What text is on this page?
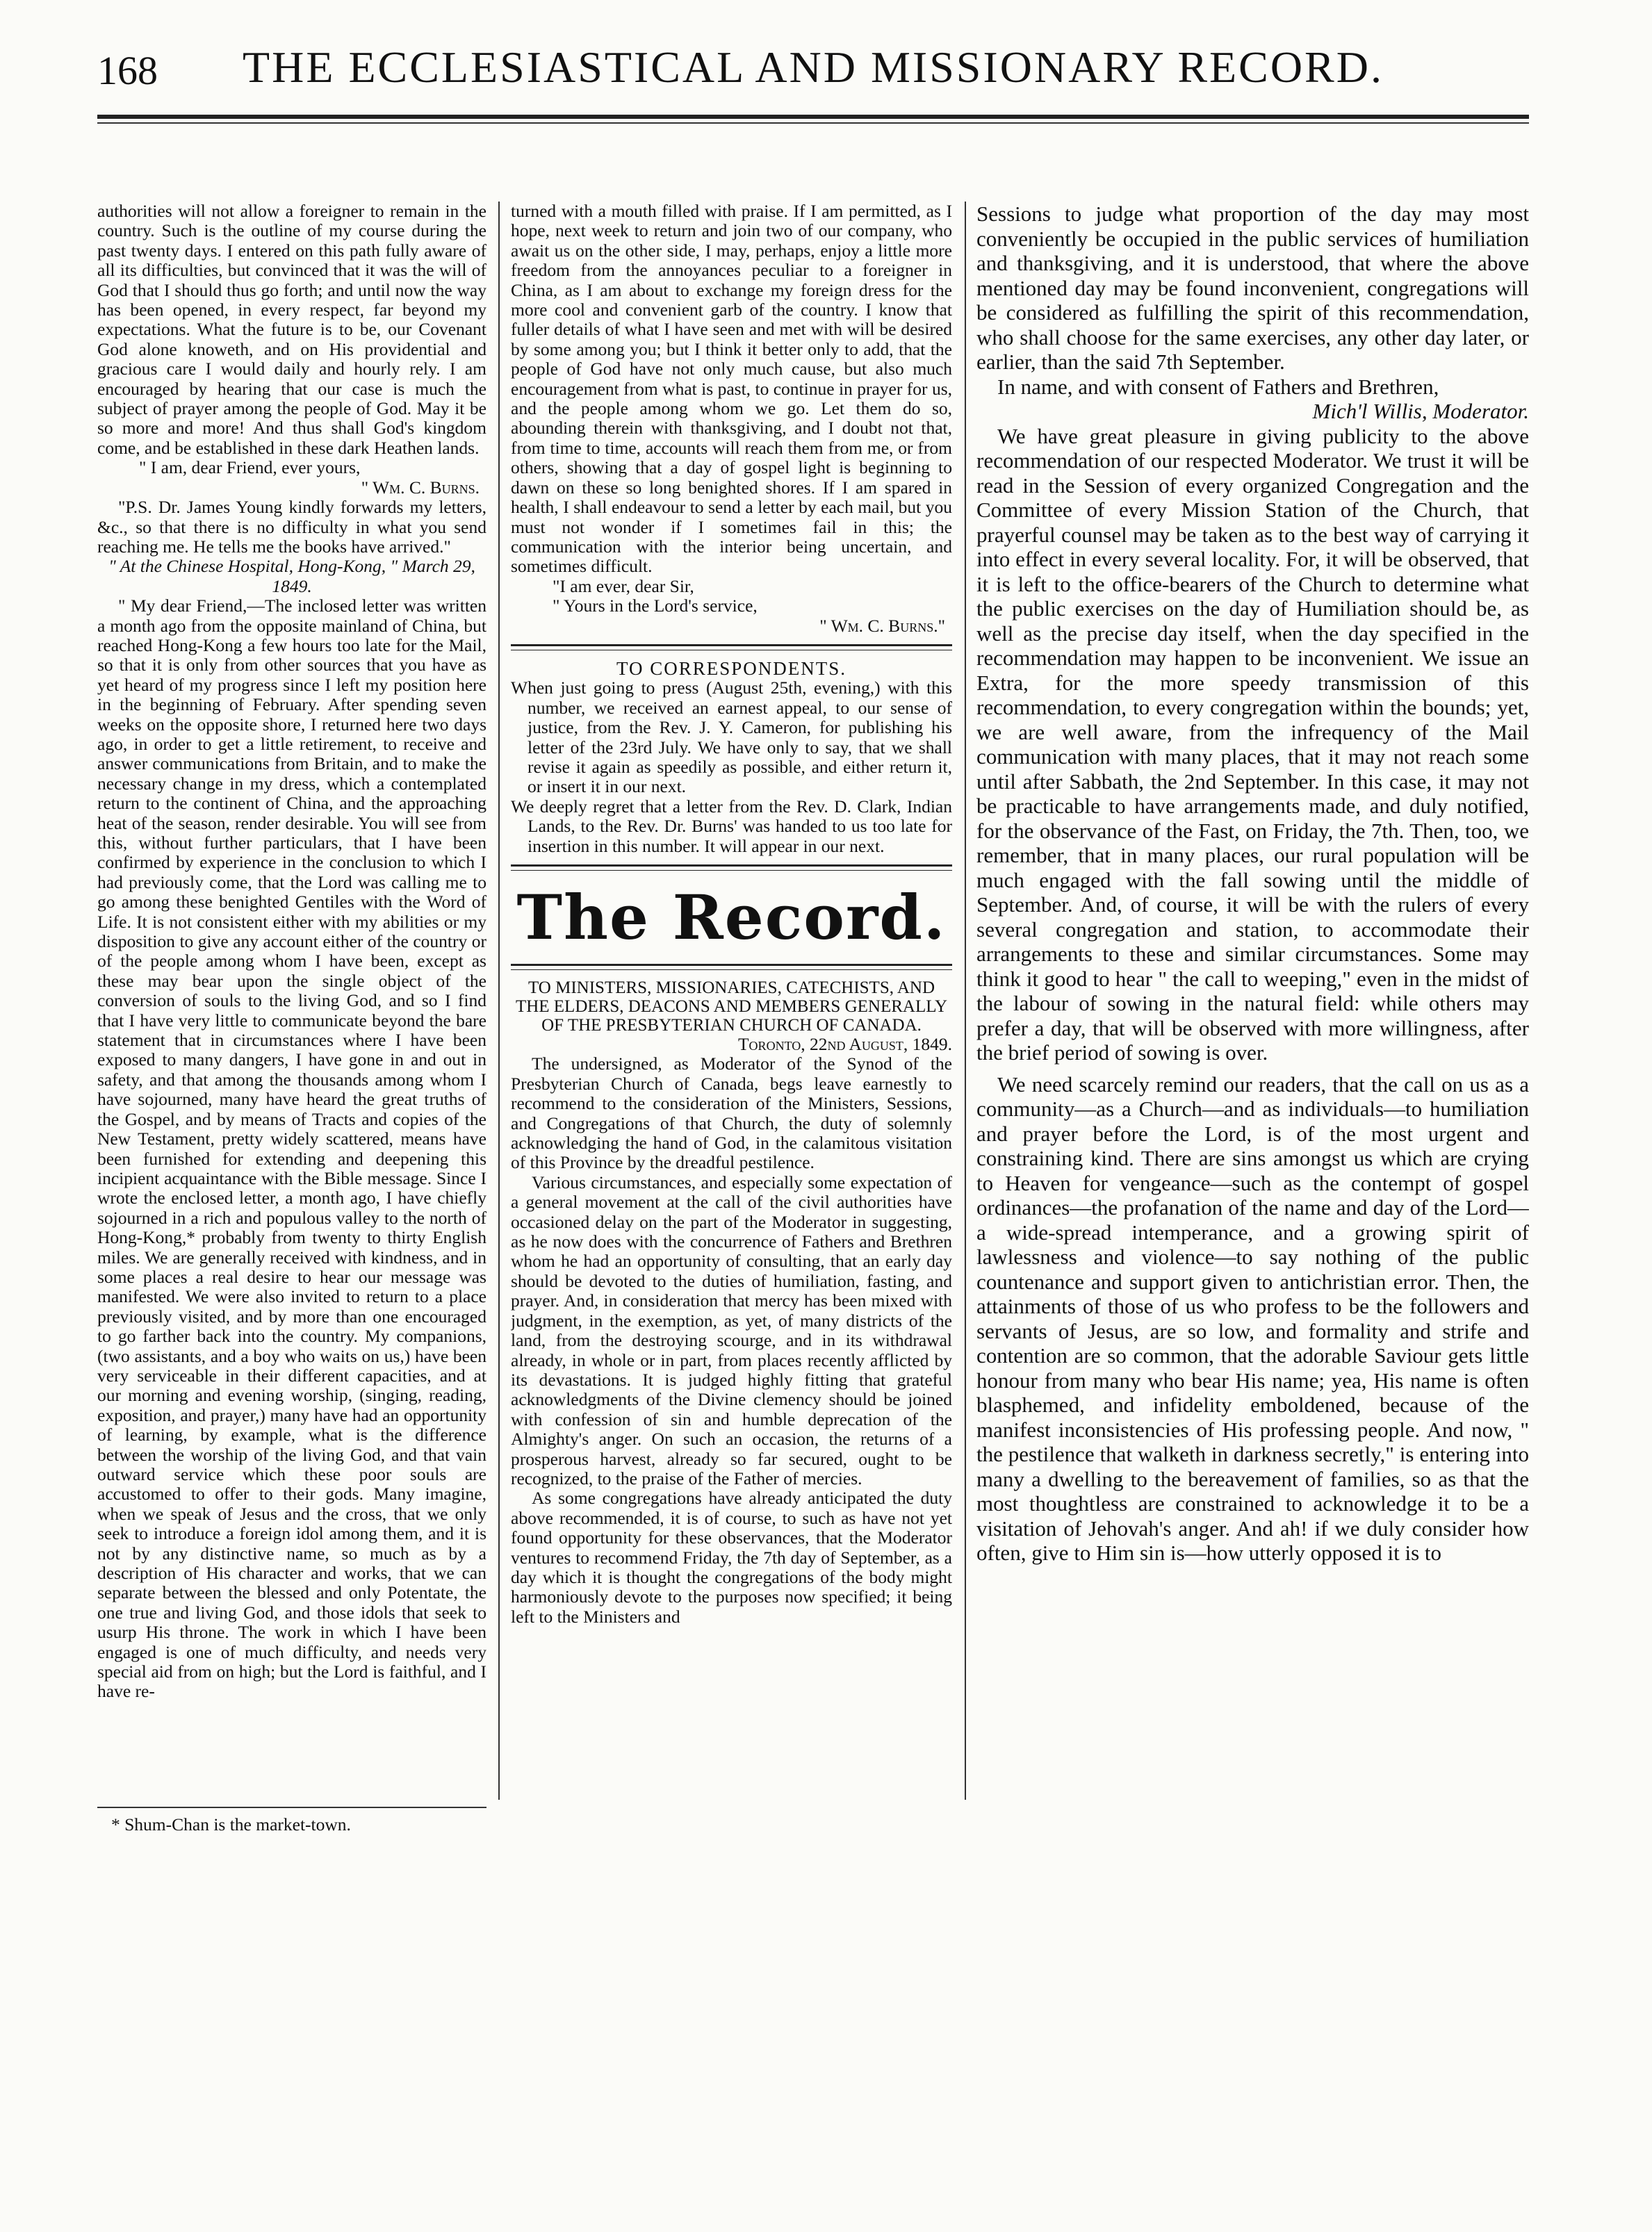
168	THE ECCLESIASTICAL AND MISSIONARY RECORD.

authorities will not allow a foreigner to remain in the country. Such is the outline of my course during the past twenty days. I entered on this path fully aware of all its difficulties, but convinced that it was the will of God that I should thus go forth; and until now the way has been opened, in every respect, far beyond my expectations. What the future is to be, our Covenant God alone knoweth, and on His providential and gracious care I would daily and hourly rely. I am encouraged by hearing that our case is much the subject of prayer among the people of God. May it be so more and more! And thus shall God's kingdom come, and be established in these dark Heathen lands.

" I am, dear Friend, ever yours,

" Wm. C. Burns.

"P.S. Dr. James Young kindly forwards my letters, &c., so that there is no difficulty in what you send reaching me. He tells me the books have arrived."

" At the Chinese Hospital, Hong-Kong, " March 29, 1849.

" My dear Friend,—The inclosed letter was written a month ago from the opposite mainland of China, but reached Hong-Kong a few hours too late for the Mail, so that it is only from other sources that you have as yet heard of my progress since I left my position here in the beginning of February. After spending seven weeks on the opposite shore, I returned here two days ago, in order to get a little retirement, to receive and answer communications from Britain, and to make the necessary change in my dress, which a contemplated return to the continent of China, and the approaching heat of the season, render desirable. You will see from this, without further particulars, that I have been confirmed by experience in the conclusion to which I had previously come, that the Lord was calling me to go among these benighted Gentiles with the Word of Life. It is not consistent either with my abilities or my disposition to give any account either of the country or of the people among whom I have been, except as these may bear upon the single object of the conversion of souls to the living God, and so I find that I have very little to communicate beyond the bare statement that in circumstances where I have been exposed to many dangers, I have gone in and out in safety, and that among the thousands among whom I have sojourned, many have heard the great truths of the Gospel, and by means of Tracts and copies of the New Testament, pretty widely scattered, means have been furnished for extending and deepening this incipient acquaintance with the Bible message. Since I wrote the enclosed letter, a month ago, I have chiefly sojourned in a rich and populous valley to the north of Hong-Kong,* probably from twenty to thirty English miles. We are generally received with kindness, and in some places a real desire to hear our message was manifested. We were also invited to return to a place previously visited, and by more than one encouraged to go farther back into the country. My companions, (two assistants, and a boy who waits on us,) have been very serviceable in their different capacities, and at our morning and evening worship, (singing, reading, exposition, and prayer,) many have had an opportunity of learning, by example, what is the difference between the worship of the living God, and that vain outward service which these poor souls are accustomed to offer to their gods. Many imagine, when we speak of Jesus and the cross, that we only seek to introduce a foreign idol among them, and it is not by any distinctive name, so much as by a description of His character and works, that we can separate between the blessed and only Potentate, the one true and living God, and those idols that seek to usurp His throne. The work in which I have been engaged is one of much difficulty, and needs very special aid from on high; but the Lord is faithful, and I have re-

* Shum-Chan is the market-town.

turned with a mouth filled with praise. If I am permitted, as I hope, next week to return and join two of our company, who await us on the other side, I may, perhaps, enjoy a little more freedom from the annoyances peculiar to a foreigner in China, as I am about to exchange my foreign dress for the more cool and convenient garb of the country. I know that fuller details of what I have seen and met with will be desired by some among you; but I think it better only to add, that the people of God have not only much cause, but also much encouragement from what is past, to continue in prayer for us, and the people among whom we go. Let them do so, abounding therein with thanksgiving, and I doubt not that, from time to time, accounts will reach them from me, or from others, showing that a day of gospel light is beginning to dawn on these so long benighted shores. If I am spared in health, I shall endeavour to send a letter by each mail, but you must not wonder if I sometimes fail in this; the communication with the interior being uncertain, and sometimes difficult.

"I am ever, dear Sir,

" Yours in the Lord's service,

" Wm. C. Burns."

TO CORRESPONDENTS.

When just going to press (August 25th, evening,) with this number, we received an earnest appeal, to our sense of justice, from the Rev. J. Y. Cameron, for publishing his letter of the 23rd July. We have only to say, that we shall revise it again as speedily as possible, and either return it, or insert it in our next.

We deeply regret that a letter from the Rev. D. Clark, Indian Lands, to the Rev. Dr. Burns' was handed to us too late for insertion in this number. It will appear in our next.

The Record.

TO MINISTERS, MISSIONARIES, CATECHISTS, AND THE ELDERS, DEACONS AND MEMBERS GENERALLY OF THE PRESBYTERIAN CHURCH OF CANADA.

Toronto, 22nd August, 1849.

The undersigned, as Moderator of the Synod of the Presbyterian Church of Canada, begs leave earnestly to recommend to the consideration of the Ministers, Sessions, and Congregations of that Church, the duty of solemnly acknowledging the hand of God, in the calamitous visitation of this Province by the dreadful pestilence.

Various circumstances, and especially some expectation of a general movement at the call of the civil authorities have occasioned delay on the part of the Moderator in suggesting, as he now does with the concurrence of Fathers and Brethren whom he had an opportunity of consulting, that an early day should be devoted to the duties of humiliation, fasting, and prayer. And, in consideration that mercy has been mixed with judgment, in the exemption, as yet, of many districts of the land, from the destroying scourge, and in its withdrawal already, in whole or in part, from places recently afflicted by its devastations. It is judged highly fitting that grateful acknowledgments of the Divine clemency should be joined with confession of sin and humble deprecation of the Almighty's anger. On such an occasion, the returns of a prosperous harvest, already so far secured, ought to be recognized, to the praise of the Father of mercies.

As some congregations have already anticipated the duty above recommended, it is of course, to such as have not yet found opportunity for these observances, that the Moderator ventures to recommend Friday, the 7th day of September, as a day which it is thought the congregations of the body might harmoniously devote to the purposes now specified; it being left to the Ministers and

Sessions to judge what proportion of the day may most conveniently be occupied in the public services of humiliation and thanksgiving, and it is understood, that where the above mentioned day may be found inconvenient, congregations will be considered as fulfilling the spirit of this recommendation, who shall choose for the same exercises, any other day later, or earlier, than the said 7th September.

In name, and with consent of Fathers and Brethren,

Mich'l Willis, Moderator.

We have great pleasure in giving publicity to the above recommendation of our respected Moderator. We trust it will be read in the Session of every organized Congregation and the Committee of every Mission Station of the Church, that prayerful counsel may be taken as to the best way of carrying it into effect in every several locality. For, it will be observed, that it is left to the office-bearers of the Church to determine what the public exercises on the day of Humiliation should be, as well as the precise day itself, when the day specified in the recommendation may happen to be inconvenient. We issue an Extra, for the more speedy transmission of this recommendation, to every congregation within the bounds; yet, we are well aware, from the infrequency of the Mail communication with many places, that it may not reach some until after Sabbath, the 2nd September. In this case, it may not be practicable to have arrangements made, and duly notified, for the observance of the Fast, on Friday, the 7th. Then, too, we remember, that in many places, our rural population will be much engaged with the fall sowing until the middle of September. And, of course, it will be with the rulers of every several congregation and station, to accommodate their arrangements to these and similar circumstances. Some may think it good to hear " the call to weeping," even in the midst of the labour of sowing in the natural field: while others may prefer a day, that will be observed with more willingness, after the brief period of sowing is over.

We need scarcely remind our readers, that the call on us as a community—as a Church—and as individuals—to humiliation and prayer before the Lord, is of the most urgent and constraining kind. There are sins amongst us which are crying to Heaven for vengeance—such as the contempt of gospel ordinances—the profanation of the name and day of the Lord—a wide-spread intemperance, and a growing spirit of lawlessness and violence—to say nothing of the public countenance and support given to antichristian error. Then, the attainments of those of us who profess to be the followers and servants of Jesus, are so low, and formality and strife and contention are so common, that the adorable Saviour gets little honour from many who bear His name; yea, His name is often blasphemed, and infidelity emboldened, because of the manifest inconsistencies of His professing people. And now, " the pestilence that walketh in darkness secretly," is entering into many a dwelling to the bereavement of families, so as that the most thoughtless are constrained to acknowledge it to be a visitation of Jehovah's anger. And ah! if we duly consider how often, give to Him sin is—how utterly opposed it is to
